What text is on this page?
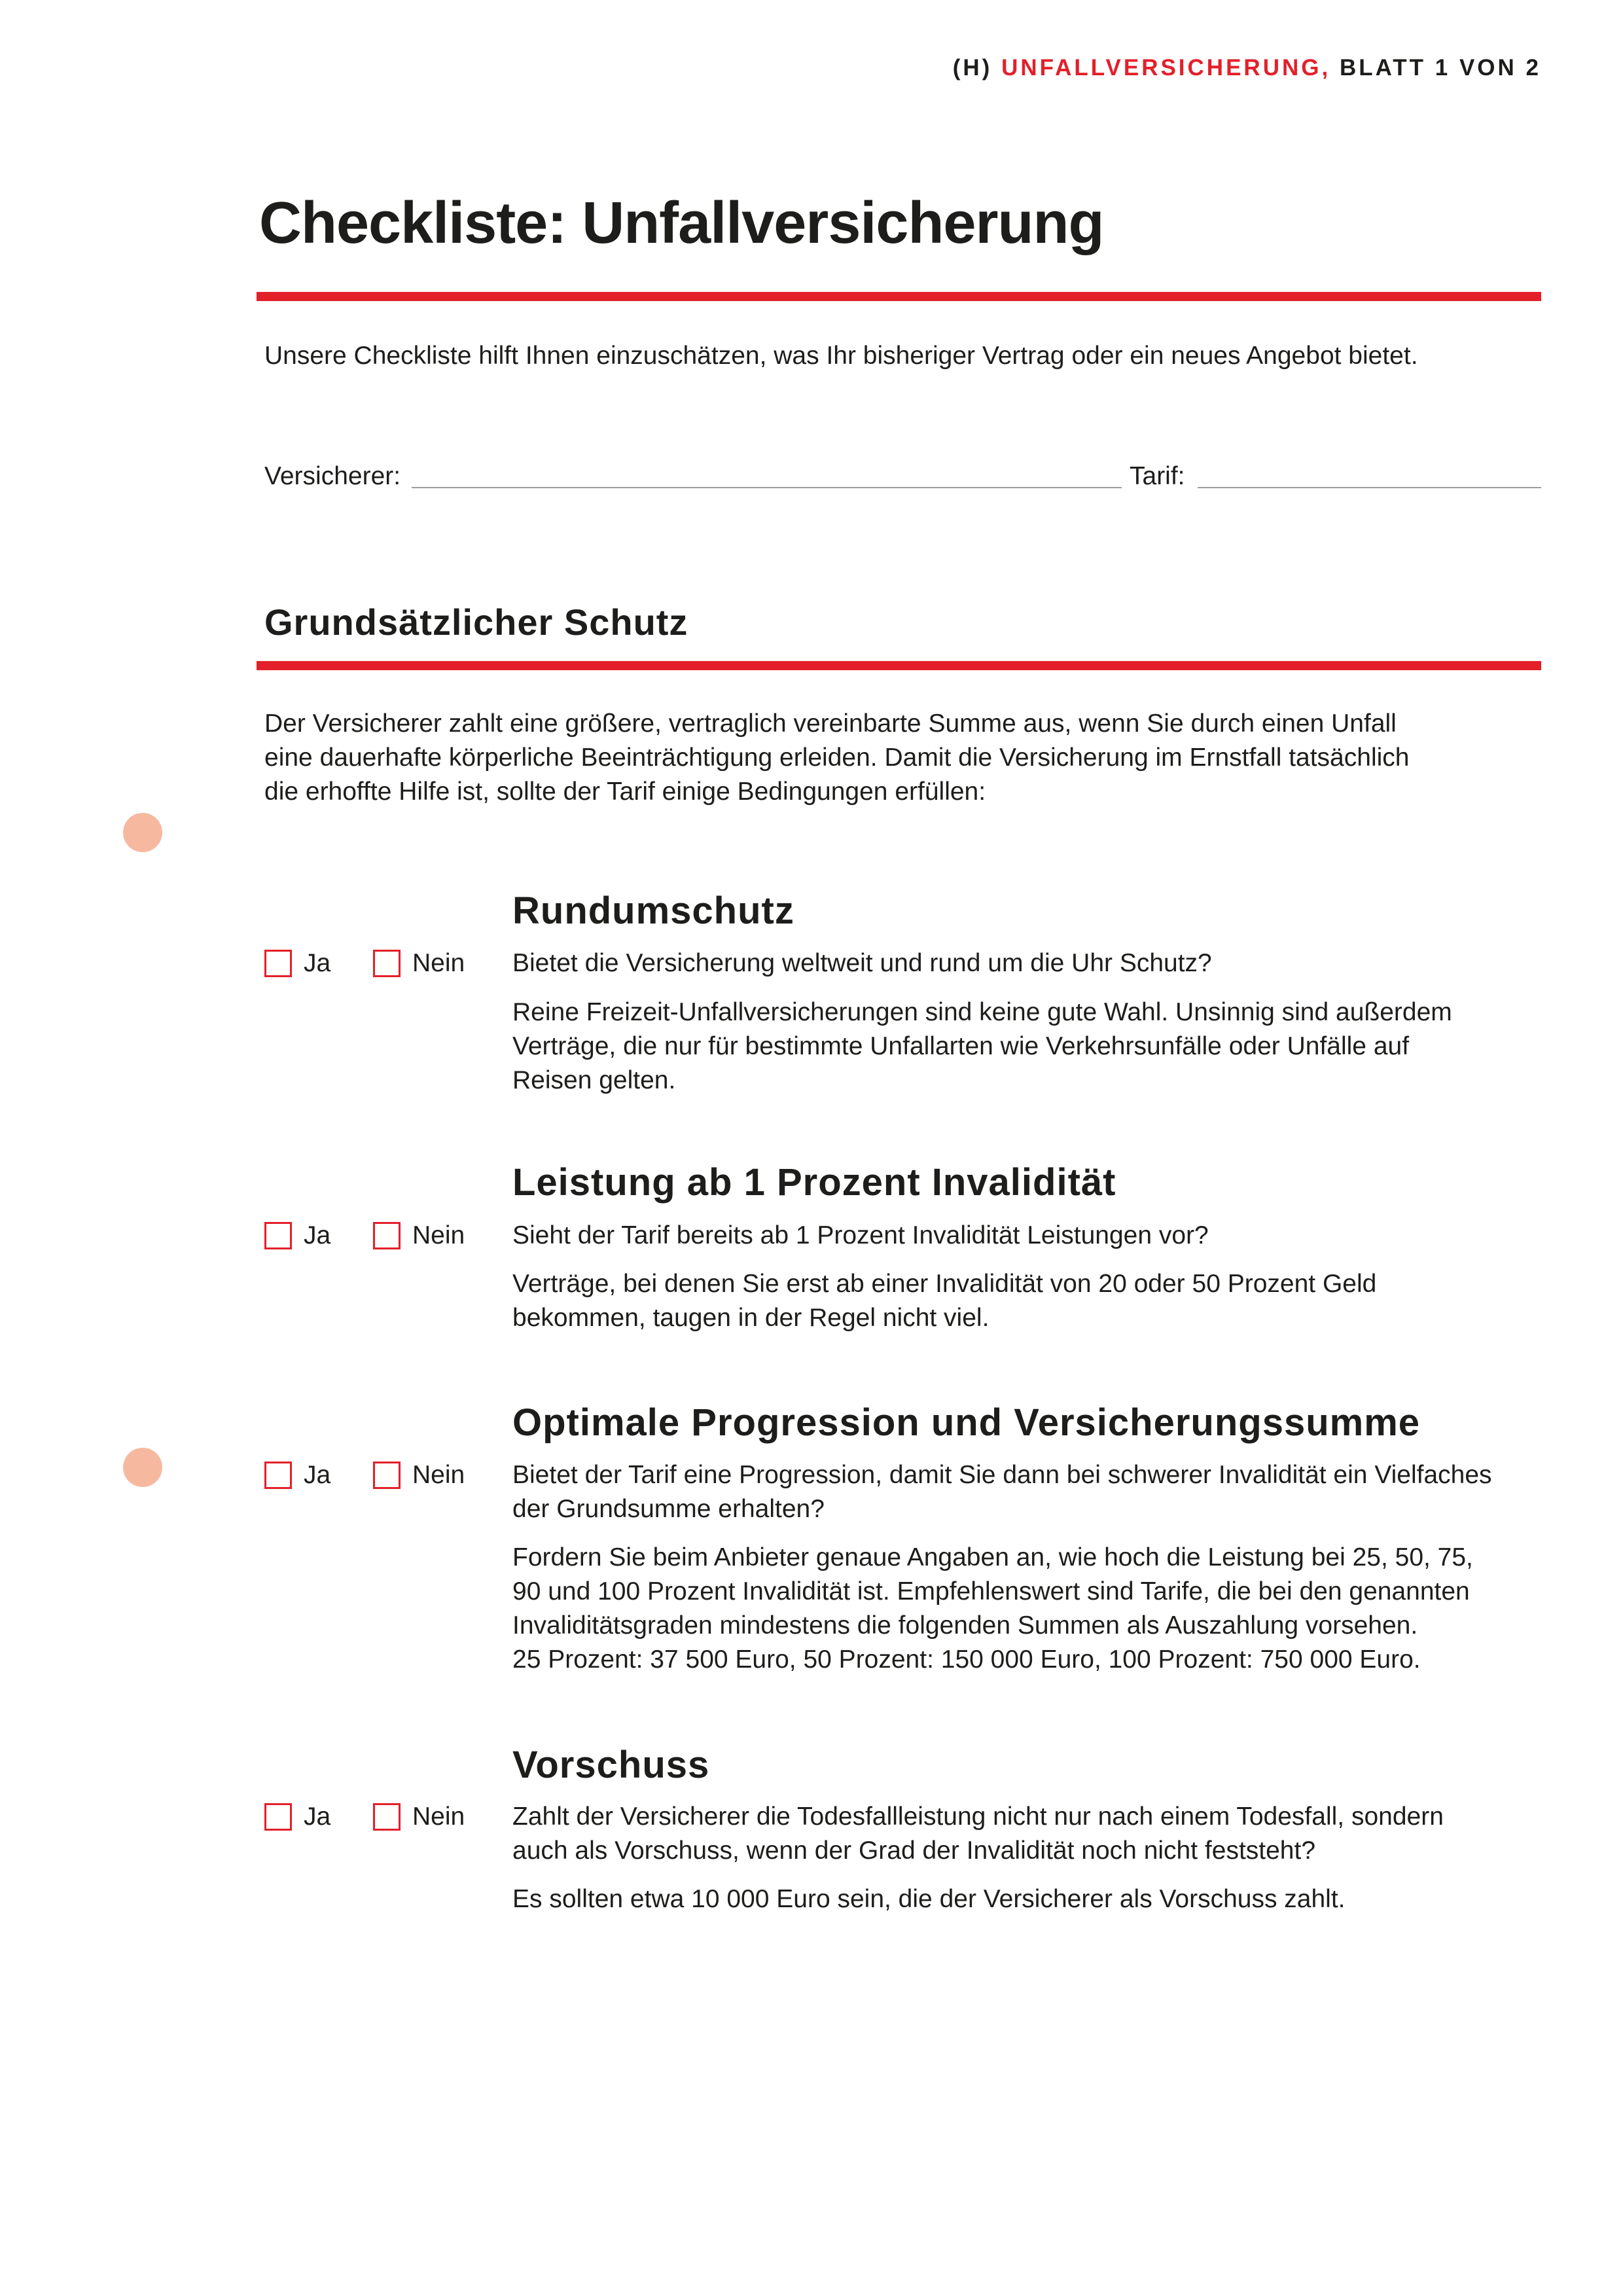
(H) UNFALLVERSICHERUNG, BLATT 1 VON 2
Checkliste: Unfallversicherung

Unsere Checkliste hilft Ihnen einzuschätzen, was Ihr bisheriger Vertrag oder ein neues Angebot bietet.

Versicherer:	Tarif:
Grundsätzlicher Schutz
Der Versicherer zahlt eine größere, vertraglich vereinbarte Summe aus, wenn Sie durch einen Unfall
eine dauerhafte körperliche Beeinträchtigung erleiden. Damit die Versicherung im Ernstfall tatsächlich
die erhoffte Hilfe ist, sollte der Tarif einige Bedingungen erfüllen:
Rundumschutz
Ja	Nein Bietet die Versicherung weltweit und rund um die Uhr Schutz?
Reine Freizeit-Unfallversicherungen sind keine gute Wahl. Unsinnig sind außerdem
Verträge, die nur für bestimmte Unfallarten wie Verkehrsunfälle oder Unfälle auf
Reisen gelten.
Leistung ab 1 Prozent Invalidität
Ja	Nein Sieht der Tarif bereits ab 1 Prozent Invalidität Leistungen vor?
Verträge, bei denen Sie erst ab einer Invalidität von 20 oder 50 Prozent Geld
bekommen, taugen in der Regel nicht viel.
Optimale Progression und Versicherungssumme
Ja	Nein Bietet der Tarif eine Progression, damit Sie dann bei schwerer Invalidität ein Vielfaches
der Grundsumme erhalten?
Fordern Sie beim Anbieter genaue Angaben an, wie hoch die Leistung bei 25, 50, 75,
90 und 100 Prozent Invalidität ist. Empfehlenswert sind Tarife, die bei den genannten
Invaliditätsgraden mindestens die folgenden Summen als Auszahlung vorsehen.
25 Prozent: 37 500 Euro, 50 Prozent: 150 000 Euro, 100 Prozent: 750 000 Euro.
Vorschuss
Ja	Nein Zahlt der Versicherer die Todesfallleistung nicht nur nach einem Todesfall, sondern
auch als Vorschuss, wenn der Grad der Invalidität noch nicht feststeht?
Es sollten etwa 10 000 Euro sein, die der Versicherer als Vorschuss zahlt.
